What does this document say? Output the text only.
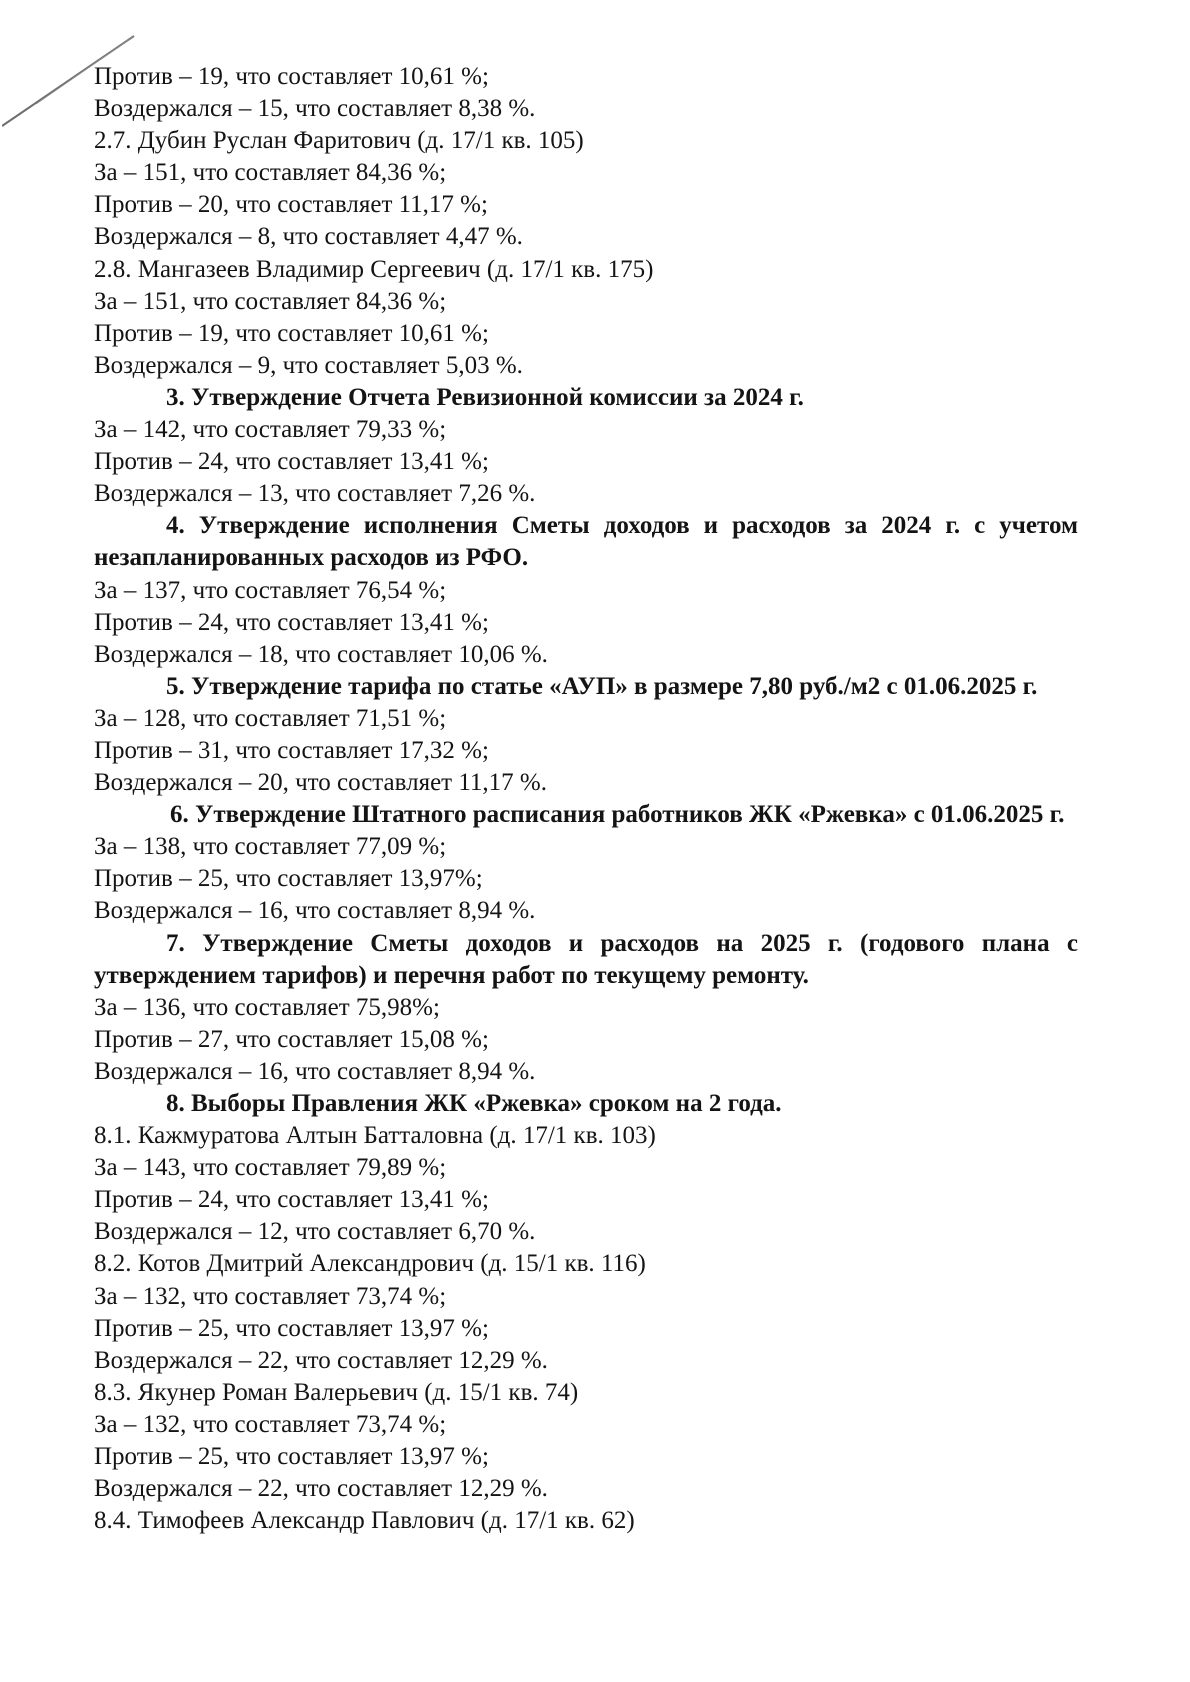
Против – 19, что составляет 10,61 %;
Воздержался – 15, что составляет 8,38 %.
2.7. Дубин Руслан Фаритович (д. 17/1 кв. 105)
За – 151, что составляет 84,36 %;
Против – 20, что составляет 11,17 %;
Воздержался – 8, что составляет 4,47 %.
2.8. Мангазеев Владимир Сергеевич (д. 17/1 кв. 175)
За – 151, что составляет 84,36 %;
Против – 19, что составляет 10,61 %;
Воздержался – 9, что составляет 5,03 %.
3. Утверждение Отчета Ревизионной комиссии за 2024 г.
За – 142, что составляет 79,33 %;
Против – 24, что составляет 13,41 %;
Воздержался – 13, что составляет 7,26 %.
4. Утверждение исполнения Сметы доходов и расходов за 2024 г. с учетом незапланированных расходов из РФО.
За – 137, что составляет 76,54 %;
Против – 24, что составляет 13,41 %;
Воздержался – 18, что составляет 10,06 %.
5. Утверждение тарифа по статье «АУП» в размере 7,80 руб./м2 с 01.06.2025 г.
За – 128, что составляет 71,51 %;
Против – 31, что составляет 17,32 %;
Воздержался – 20, что составляет 11,17 %.
6. Утверждение Штатного расписания работников ЖК «Ржевка» с 01.06.2025 г.
За – 138, что составляет 77,09 %;
Против – 25, что составляет 13,97%;
Воздержался – 16, что составляет 8,94 %.
7. Утверждение Сметы доходов и расходов на 2025 г. (годового плана с утверждением тарифов) и перечня работ по текущему ремонту.
За – 136, что составляет 75,98%;
Против – 27, что составляет 15,08 %;
Воздержался – 16, что составляет 8,94 %.
8. Выборы Правления ЖК «Ржевка» сроком на 2 года.
8.1. Кажмуратова Алтын Батталовна (д. 17/1 кв. 103)
За – 143, что составляет 79,89 %;
Против – 24, что составляет 13,41 %;
Воздержался – 12, что составляет 6,70 %.
8.2. Котов Дмитрий Александрович (д. 15/1 кв. 116)
За – 132, что составляет 73,74 %;
Против – 25, что составляет 13,97 %;
Воздержался – 22, что составляет 12,29 %.
8.3. Якунер Роман Валерьевич (д. 15/1 кв. 74)
За – 132, что составляет 73,74 %;
Против – 25, что составляет 13,97 %;
Воздержался – 22, что составляет 12,29 %.
8.4. Тимофеев Александр Павлович (д. 17/1 кв. 62)
